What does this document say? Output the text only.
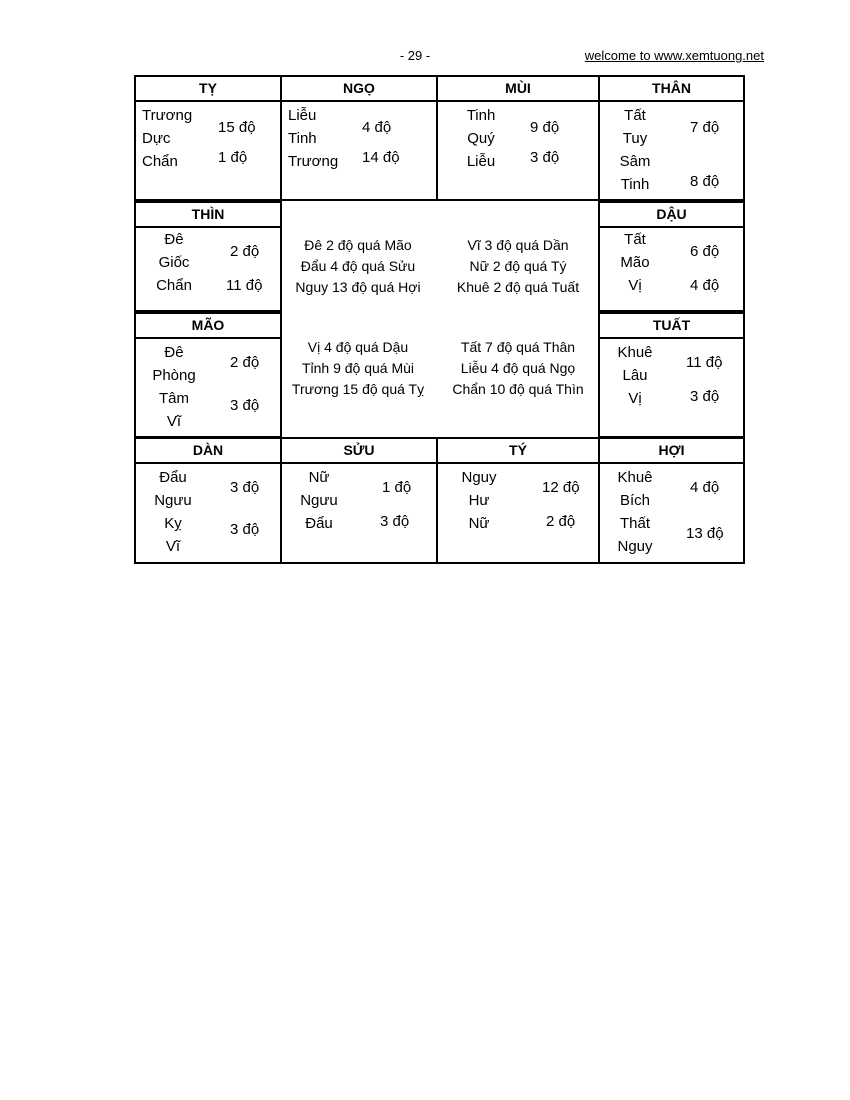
- 29 -	welcome to www.xemtuong.net
TỴ
Trương
Dực
Chẩn
15 độ
1 độ
NGỌ
Liễu
Tinh
Trương
4 độ
14 độ
MÙI
Tinh
Quý
Liễu
9 độ
3 độ
THÂN
Tất
Tuy
Sâm
Tinh
7 độ
8 độ
THÌN
Đê
Giốc
Chẩn
2 độ
11 độ
MÃO
Đê
Phòng
Tâm
Vĩ
2 độ
3 độ
DẬU
Tất
Mão
Vị
6 độ
4 độ
TUẤT
Khuê
Lâu
Vị
11 độ
3 độ
Đê 2 độ quá Mão
Đẩu 4 độ quá Sửu
Nguy 13 độ quá Hợi
Vĩ 3 độ quá Dần
Nữ 2 độ quá Tý
Khuê 2 độ quá Tuất
Vị 4 độ quá Dậu
Tỉnh 9 độ quá Mùi
Trương 15 độ quá Tỵ
Tất 7 độ quá Thân
Liễu 4 độ quá Ngọ
Chẩn 10 độ quá Thìn
DÀN
Đẩu
Ngưu
Kỵ
Vĩ
3 độ
3 độ
SỬU
Nữ
Ngưu
Đẩu
1 độ
3 độ
TÝ
Nguy
Hư
Nữ
12 độ
2 độ
HỢI
Khuê
Bích
Thất
Nguy
4 độ
13 độ
